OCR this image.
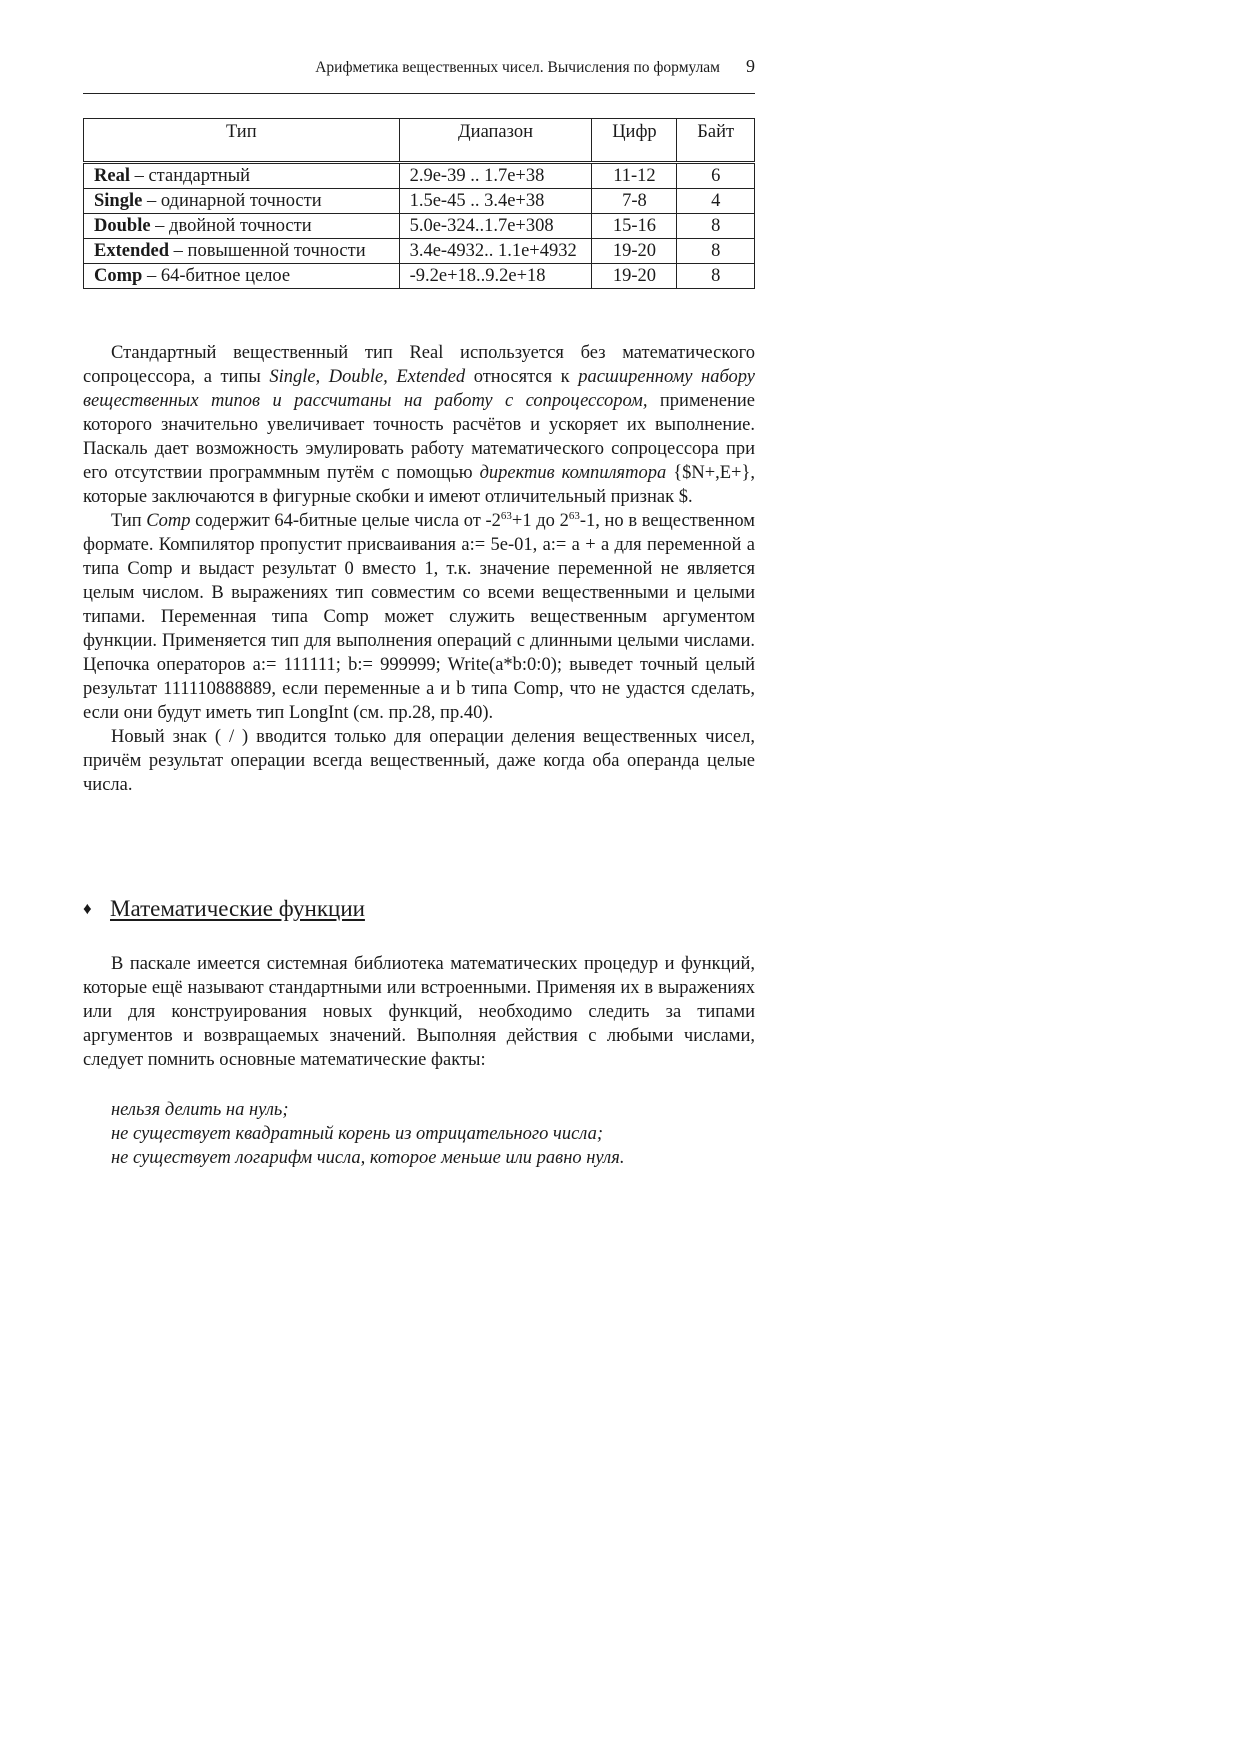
Арифметика вещественных чисел. Вычисления по формулам 9
Тип	Диапазон	Цифр	Байт
Real – стандартный	2.9е-39 .. 1.7е+38	11-12	6
Single – одинарной точности	1.5е-45 .. 3.4е+38	7-8	4
Double – двойной точности	5.0е-324..1.7е+308	15-16	8
Extended – повышенной точности	3.4е-4932.. 1.1е+4932	19-20	8
Comp – 64-битное целое	-9.2е+18..9.2е+18	19-20	8

Стандартный вещественный тип Real используется без математического сопроцессора, а типы Single, Double, Extended относятся к расширенному набору вещественных типов и рассчитаны на работу с сопроцессором, применение которого значительно увеличивает точность расчётов и ускоряет их выполнение. Паскаль дает возможность эмулировать работу математического сопроцессора при его отсутствии программным путём с помощью директив компилятора {$N+,E+}, которые заключаются в фигурные скобки и имеют отличительный признак $.

Тип Comp содержит 64-битные целые числа от $-2^{63}+1$ до $2^{63}-1$, но в вещественном формате. Компилятор пропустит присваивания a:= 5e-01, a:= a + a для переменной а типа Comp и выдаст результат 0 вместо 1, т.к. значение переменной не является целым числом. В выражениях тип совместим со всеми вещественными и целыми типами. Переменная типа Comp может служить вещественным аргументом функции. Применяется тип для выполнения операций с длинными целыми числами. Цепочка операторов a:= 111111; b:= 999999; Write(a*b:0:0); выведет точный целый результат 111110888889, если переменные а и b типа Comp, что не удастся сделать, если они будут иметь тип LongInt (см. пр.28, пр.40).

Новый знак ( / ) вводится только для операции деления вещественных чисел, причём результат операции всегда вещественный, даже когда оба операнда целые числа.

♦ Математические функции

В паскале имеется системная библиотека математических процедур и функций, которые ещё называют стандартными или встроенными. Применяя их в выражениях или для конструирования новых функций, необходимо следить за типами аргументов и возвращаемых значений. Выполняя действия с любыми числами, следует помнить основные математические факты:

нельзя делить на нуль;
не существует квадратный корень из отрицательного числа;
не существует логарифм числа, которое меньше или равно нуля.
